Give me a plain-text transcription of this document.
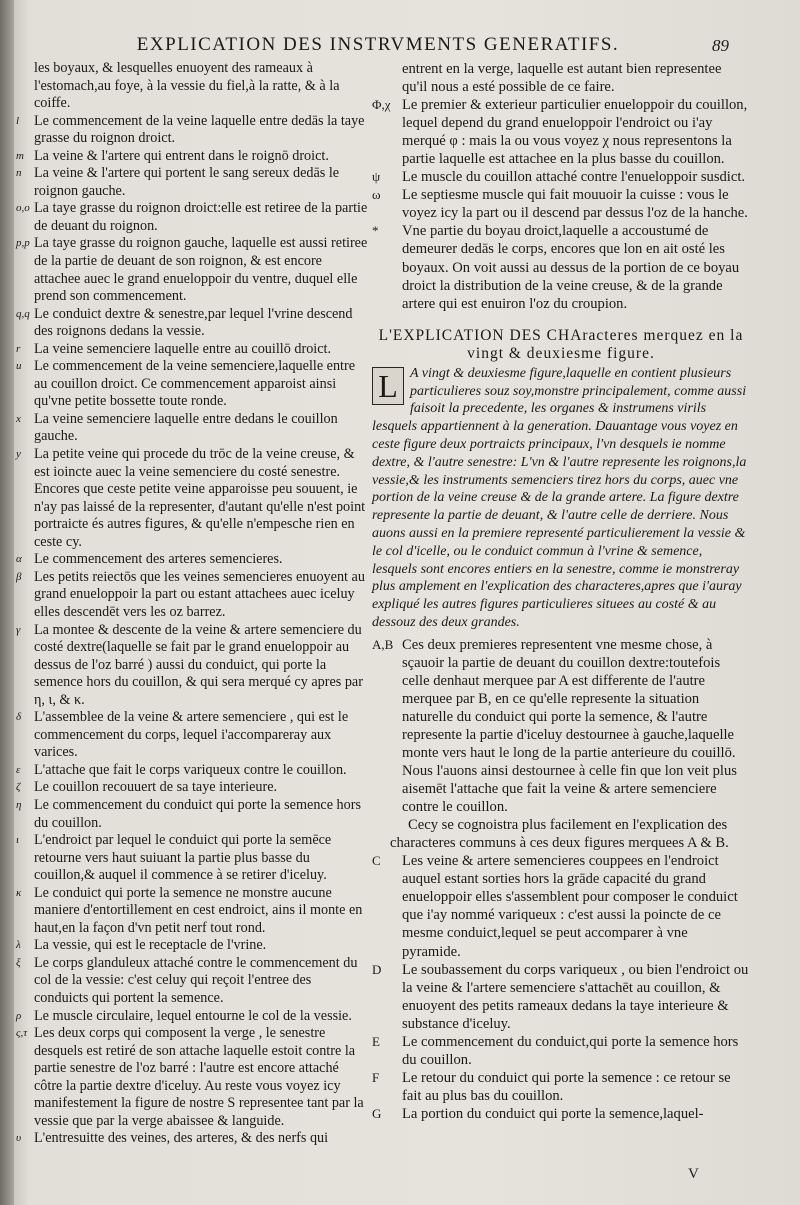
EXPLICATION DES INSTRVMENTS GENERATIFS.	89
les boyaux, & lesquelles enuoyent des rameaux à l'estomach,au foye, à la vessie du fiel,à la ratte, & à la coiffe.
l	Le commencement de la veine laquelle entre dedās la taye grasse du roignon droict.
m La veine & l'artere qui entrent dans le roignō droict.
n La veine & l'artere qui portent le sang sereux dedās le roignon gauche.
o,o La taye grasse du roignon droict:elle est retiree de la partie de deuant du roignon.
p,p La taye grasse du roignon gauche, laquelle est aussi retiree de la partie de deuant de son roignon, & est encore attachee auec le grand enueloppoir du ventre, duquel elle prend son commencement.
q,q Le conduict dextre & senestre,par lequel l'vrine descend des roignons dedans la vessie.
r La veine semenciere laquelle entre au couillō droict.
u Le commencement de la veine semenciere,laquelle entre au couillon droict. Ce commencement apparoist ainsi qu'vne petite bossette toute ronde.
x La veine semenciere laquelle entre dedans le couillon gauche.
y La petite veine qui procede du trōc de la veine creuse, & est ioincte auec la veine semenciere du costé senestre. Encores que ceste petite veine apparoisse peu souuent, ie n'ay pas laissé de la representer, d'autant qu'elle n'est point portraicte és autres figures, & qu'elle n'empesche rien en ceste cy.
α Le commencement des arteres semencieres.
β Les petits reiectōs que les veines semencieres enuoyent au grand enueloppoir la part ou estant attachees auec iceluy elles descendēt vers les oz barrez.
γ La montee & descente de la veine & artere semenciere du costé dextre(laquelle se fait par le grand enueloppoir au dessus de l'oz barré ) aussi du conduict, qui porte la semence hors du couillon, & qui sera merqué cy apres par η, ι, & κ.
δ L'assemblee de la veine & artere semenciere , qui est le commencement du corps, lequel i'accompareray aux varices.
ε L'attache que fait le corps variqueux contre le couillon.
ζ Le couillon recouuert de sa taye interieure.
η Le commencement du conduict qui porte la semence hors du couillon.
ι	L'endroict par lequel le conduict qui porte la semēce retourne vers haut suiuant la partie plus basse du couillon,& auquel il commence à se retirer d'iceluy.
κ Le conduict qui porte la semence ne monstre aucune maniere d'entortillement en cest endroict, ains il monte en haut,en la façon d'vn petit nerf tout rond.
λ La vessie, qui est le receptacle de l'vrine.
ξ Le corps glanduleux attaché contre le commencement du col de la vessie: c'est celuy qui reçoit l'entree des conduicts qui portent la semence.
ρ Le muscle circulaire, lequel entourne le col de la vessie.
ς,τ Les deux corps qui composent la verge , le senestre desquels est retiré de son attache laquelle estoit contre la partie senestre de l'oz barré : l'autre est encore attaché côtre la partie dextre d'iceluy. Au reste vous voyez icy manifestement la figure de nostre S representee tant par la vessie que par la verge abaissee & languide.
υ L'entresuitte des veines, des arteres, & des nerfs qui
entrent en la verge, laquelle est autant bien representee qu'il nous a esté possible de ce faire.
Φ,χ Le premier & exterieur particulier enueloppoir du couillon, lequel depend du grand enueloppoir l'endroict ou i'ay merqué φ : mais la ou vous voyez χ nous representons la partie laquelle est attachee en la plus basse du couillon.
ψ	Le muscle du couillon attaché contre l'enueloppoir susdict.
ω	Le septiesme muscle qui fait mouuoir la cuisse : vous le voyez icy la part ou il descend par dessus l'oz de la hanche.
*	Vne partie du boyau droict,laquelle a accoustumé de demeurer dedās le corps, encores que lon en ait osté les boyaux. On voit aussi au dessus de la portion de ce boyau droict la distribution de la veine creuse, & de la grande artere qui est enuiron l'oz du croupion.
L'EXPLICATION DES CHAracteres merquez en la vingt & deuxiesme figure.
L A vingt & deuxiesme figure,laquelle en contient plusieurs particulieres souz soy,monstre principalement, comme aussi faisoit la precedente, les organes & instrumens virils lesquels appartiennent à la generation. Dauantage vous voyez en ceste figure deux portraicts principaux, l'vn desquels ie nomme dextre, & l'autre senestre: L'vn & l'autre represente les roignons,la vessie,& les instruments semenciers tirez hors du corps, auec vne portion de la veine creuse & de la grande artere. La figure dextre represente la partie de deuant, & l'autre celle de derriere. Nous auons aussi en la premiere representé particulierement la vessie & le col d'icelle, ou le conduict commun à l'vrine & semence, lesquels sont encores entiers en la senestre, comme ie monstreray plus amplement en l'explication des characteres,apres que i'auray expliqué les autres figures particulieres situees au costé & au dessouz des deux grandes.
A,B Ces deux premieres representent vne mesme chose, à sçauoir la partie de deuant du couillon dextre:toutefois celle denhaut merquee par A est differente de l'autre merquee par B, en ce qu'elle represente la situation naturelle du conduict qui porte la semence, & l'autre represente la partie d'iceluy destournee à gauche,laquelle monte vers haut le long de la partie anterieure du couillō. Nous l'auons ainsi destournee à celle fin que lon veit plus aisemēt l'attache que fait la veine & artere semenciere contre le couillon.
Cecy se cognoistra plus facilement en l'explication des characteres communs à ces deux figures merquees A & B.
C	Les veine & artere semencieres couppees en l'endroict auquel estant sorties hors la grāde capacité du grand enueloppoir elles s'assemblent pour composer le conduict que i'ay nommé variqueux : c'est aussi la poincte de ce mesme conduict,lequel se peut accomparer à vne pyramide.
D	Le soubassement du corps variqueux , ou bien l'endroict ou la veine & l'artere semenciere s'attachēt au couillon, & enuoyent des petits rameaux dedans la taye interieure & substance d'iceluy.
E	Le commencement du conduict,qui porte la semence hors du couillon.
F	Le retour du conduict qui porte la semence : ce retour se fait au plus bas du couillon.
G	La portion du conduict qui porte la semence,laquel-
V
